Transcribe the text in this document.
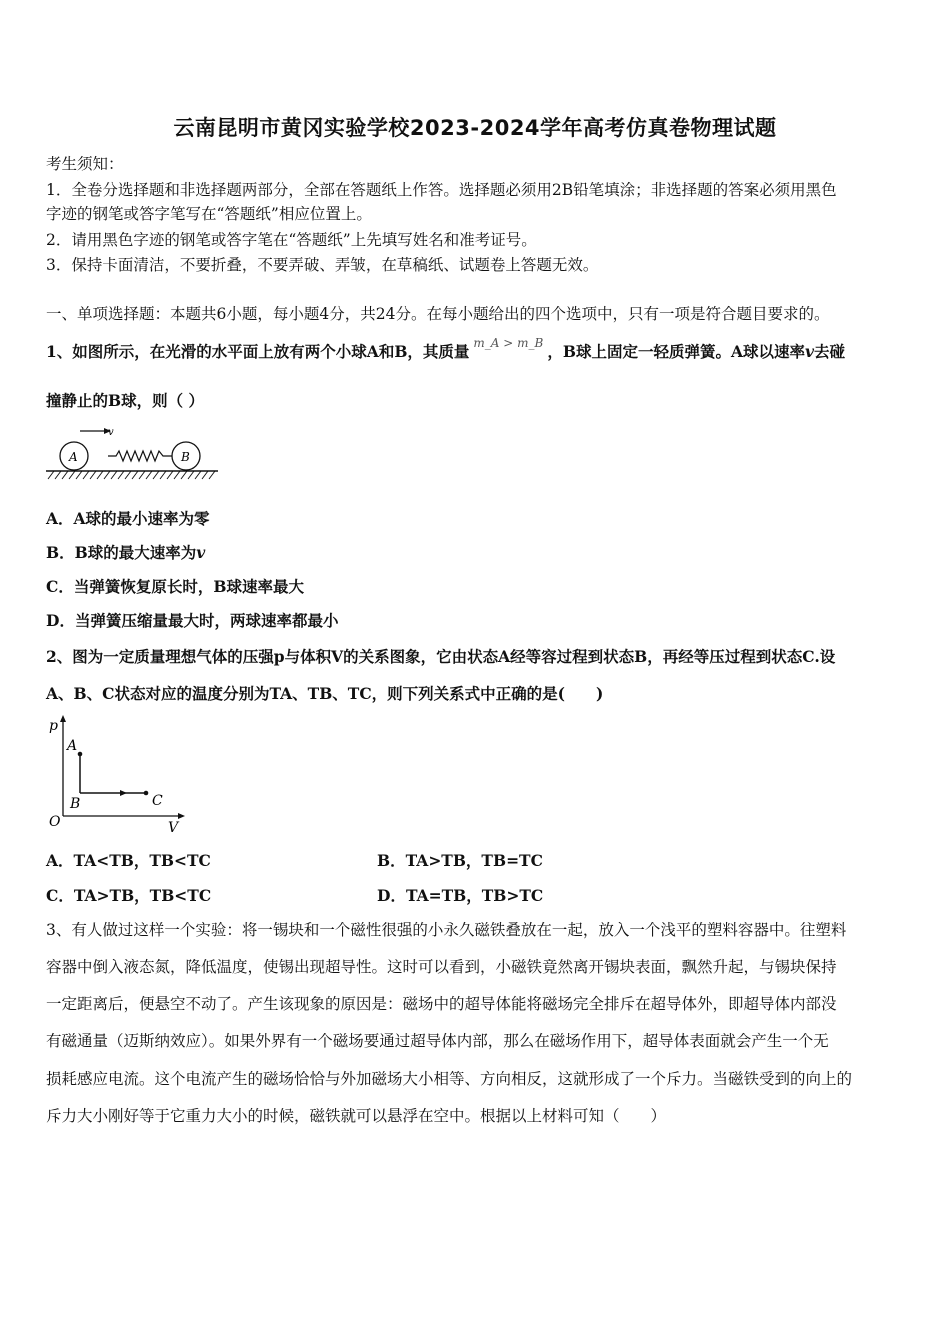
云南昆明市黄冈实验学校2023-2024学年高考仿真卷物理试题
考生须知：
1．全卷分选择题和非选择题两部分，全部在答题纸上作答。选择题必须用2B铅笔填涂；非选择题的答案必须用黑色
字迹的钢笔或答字笔写在“答题纸”相应位置上。
2．请用黑色字迹的钢笔或答字笔在“答题纸”上先填写姓名和准考证号。
3．保持卡面清洁，不要折叠，不要弄破、弄皱，在草稿纸、试题卷上答题无效。
一、单项选择题：本题共6小题，每小题4分，共24分。在每小题给出的四个选项中，只有一项是符合题目要求的。
1、如图所示，在光滑的水平面上放有两个小球A和B，其质量 $^{m\_A > m\_B}$ ，B球上固定一轻质弹簧。A球以速率v去碰
撞静止的B球，则（ ）
v
A	B
A．A球的最小速率为零
B．B球的最大速率为v
C．当弹簧恢复原长时，B球速率最大
D．当弹簧压缩量最大时，两球速率都最小
2、图为一定质量理想气体的压强p与体积V的关系图象，它由状态A经等容过程到状态B，再经等压过程到状态C.设
A、B、C状态对应的温度分别为TA、TB、TC，则下列关系式中正确的是(　　)
p
V
O
A
B	C
A．TA<TB，TB<TC	B．TA>TB，TB=TC
C．TA>TB，TB<TC	D．TA=TB，TB>TC
3、有人做过这样一个实验：将一锡块和一个磁性很强的小永久磁铁叠放在一起，放入一个浅平的塑料容器中。往塑料
容器中倒入液态氮，降低温度，使锡出现超导性。这时可以看到，小磁铁竟然离开锡块表面，飘然升起，与锡块保持
一定距离后，便悬空不动了。产生该现象的原因是：磁场中的超导体能将磁场完全排斥在超导体外，即超导体内部没
有磁通量（迈斯纳效应）。如果外界有一个磁场要通过超导体内部，那么在磁场作用下，超导体表面就会产生一个无
损耗感应电流。这个电流产生的磁场恰恰与外加磁场大小相等、方向相反，这就形成了一个斥力。当磁铁受到的向上的
斥力大小刚好等于它重力大小的时候，磁铁就可以悬浮在空中。根据以上材料可知（　　）
